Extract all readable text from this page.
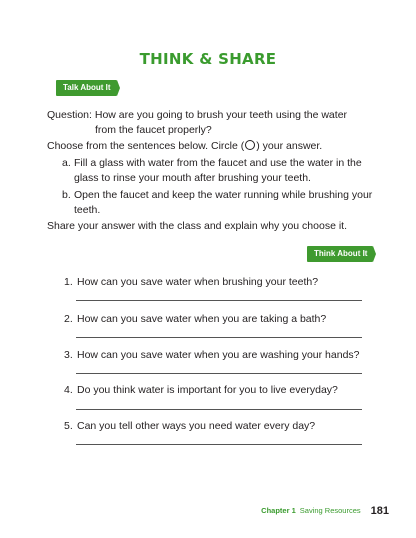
THINK & SHARE
Talk About It
Question: How are you going to brush your teeth using the water
from the faucet properly?
Choose from the sentences below. Circle ( ) your answer.
a. Fill a glass with water from the faucet and use the water in the glass to rinse your mouth after brushing your teeth.
b. Open the faucet and keep the water running while brushing your teeth.
Share your answer with the class and explain why you choose it.
Think About It
1. How can you save water when brushing your teeth?
2. How can you save water when you are taking a bath?
3. How can you save water when you are washing your hands?
4. Do you think water is important for you to live everyday?
5. Can you tell other ways you need water every day?
Chapter 1 Saving Resources 181
